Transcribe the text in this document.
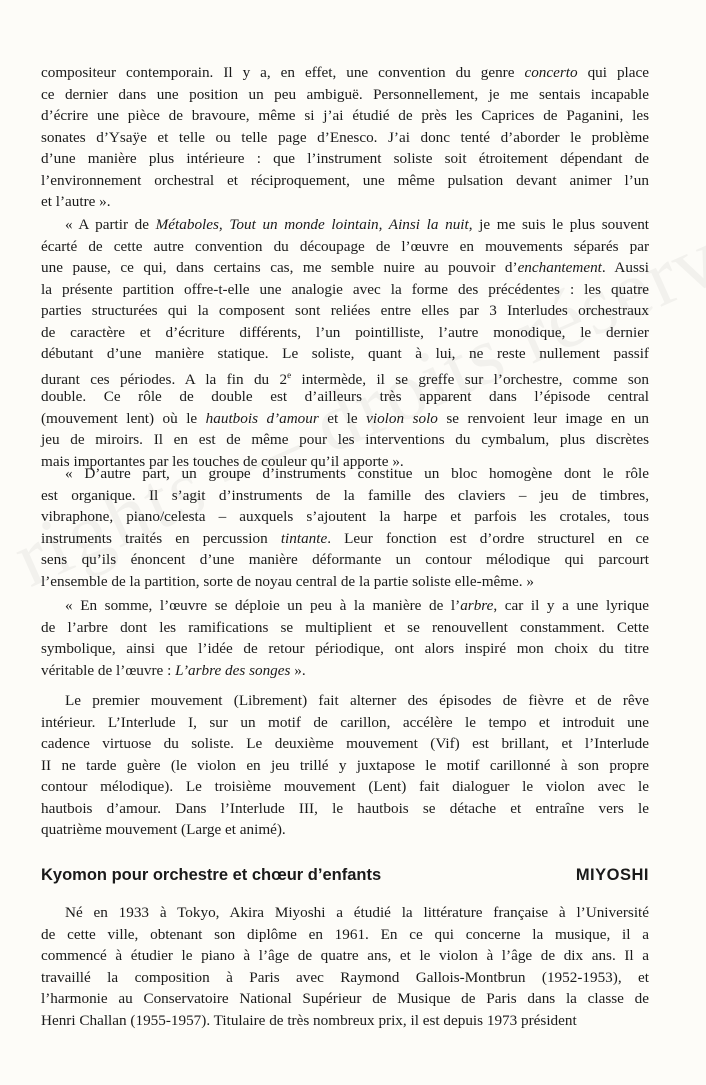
compositeur contemporain. Il y a, en effet, une convention du genre concerto qui place
ce dernier dans une position un peu ambiguë. Personnellement, je me sentais incapable
d’écrire une pièce de bravoure, même si j’ai étudié de près les Caprices de Paganini, les
sonates d’Ysaÿe et telle ou telle page d’Enesco. J’ai donc tenté d’aborder le problème
d’une manière plus intérieure : que l’instrument soliste soit étroitement dépendant de
l’environnement orchestral et réciproquement, une même pulsation devant animer l’un
et l’autre ».
« A partir de Métaboles, Tout un monde lointain, Ainsi la nuit, je me suis le plus souvent
écarté de cette autre convention du découpage de l’œuvre en mouvements séparés par
une pause, ce qui, dans certains cas, me semble nuire au pouvoir d’enchantement. Aussi
la présente partition offre-t-elle une analogie avec la forme des précédentes : les quatre
parties structurées qui la composent sont reliées entre elles par 3 Interludes orchestraux
de caractère et d’écriture différents, l’un pointilliste, l’autre monodique, le dernier
débutant d’une manière statique. Le soliste, quant à lui, ne reste nullement passif
durant ces périodes. A la fin du 2e intermède, il se greffe sur l’orchestre, comme son
double. Ce rôle de double est d’ailleurs très apparent dans l’épisode central
(mouvement lent) où le hautbois d’amour et le violon solo se renvoient leur image en un
jeu de miroirs. Il en est de même pour les interventions du cymbalum, plus discrètes
mais importantes par les touches de couleur qu’il apporte ».
« D’autre part, un groupe d’instruments constitue un bloc homogène dont le rôle
est organique. Il s’agit d’instruments de la famille des claviers – jeu de timbres,
vibraphone, piano/celesta – auxquels s’ajoutent la harpe et parfois les crotales, tous
instruments traités en percussion tintante. Leur fonction est d’ordre structurel en ce
sens qu’ils énoncent d’une manière déformante un contour mélodique qui parcourt
l’ensemble de la partition, sorte de noyau central de la partie soliste elle-même. »
« En somme, l’œuvre se déploie un peu à la manière de l’arbre, car il y a une lyrique
de l’arbre dont les ramifications se multiplient et se renouvellent constamment. Cette
symbolique, ainsi que l’idée de retour périodique, ont alors inspiré mon choix du titre
véritable de l’œuvre : L’arbre des songes ».
Le premier mouvement (Librement) fait alterner des épisodes de fièvre et de rêve
intérieur. L’Interlude I, sur un motif de carillon, accélère le tempo et introduit une
cadence virtuose du soliste. Le deuxième mouvement (Vif) est brillant, et l’Interlude
II ne tarde guère (le violon en jeu trillé y juxtapose le motif carillonné à son propre
contour mélodique). Le troisième mouvement (Lent) fait dialoguer le violon avec le
hautbois d’amour. Dans l’Interlude III, le hautbois se détache et entraîne vers le
quatrième mouvement (Large et animé).
Kyomon pour orchestre et chœur d’enfants	MIYOSHI
Né en 1933 à Tokyo, Akira Miyoshi a étudié la littérature française à l’Université
de cette ville, obtenant son diplôme en 1961. En ce qui concerne la musique, il a
commencé à étudier le piano à l’âge de quatre ans, et le violon à l’âge de dix ans. Il a
travaillé la composition à Paris avec Raymond Gallois-Montbrun (1952-1953), et
l’harmonie au Conservatoire National Supérieur de Musique de Paris dans la classe de
Henri Challan (1955-1957). Titulaire de très nombreux prix, il est depuis 1973 président
